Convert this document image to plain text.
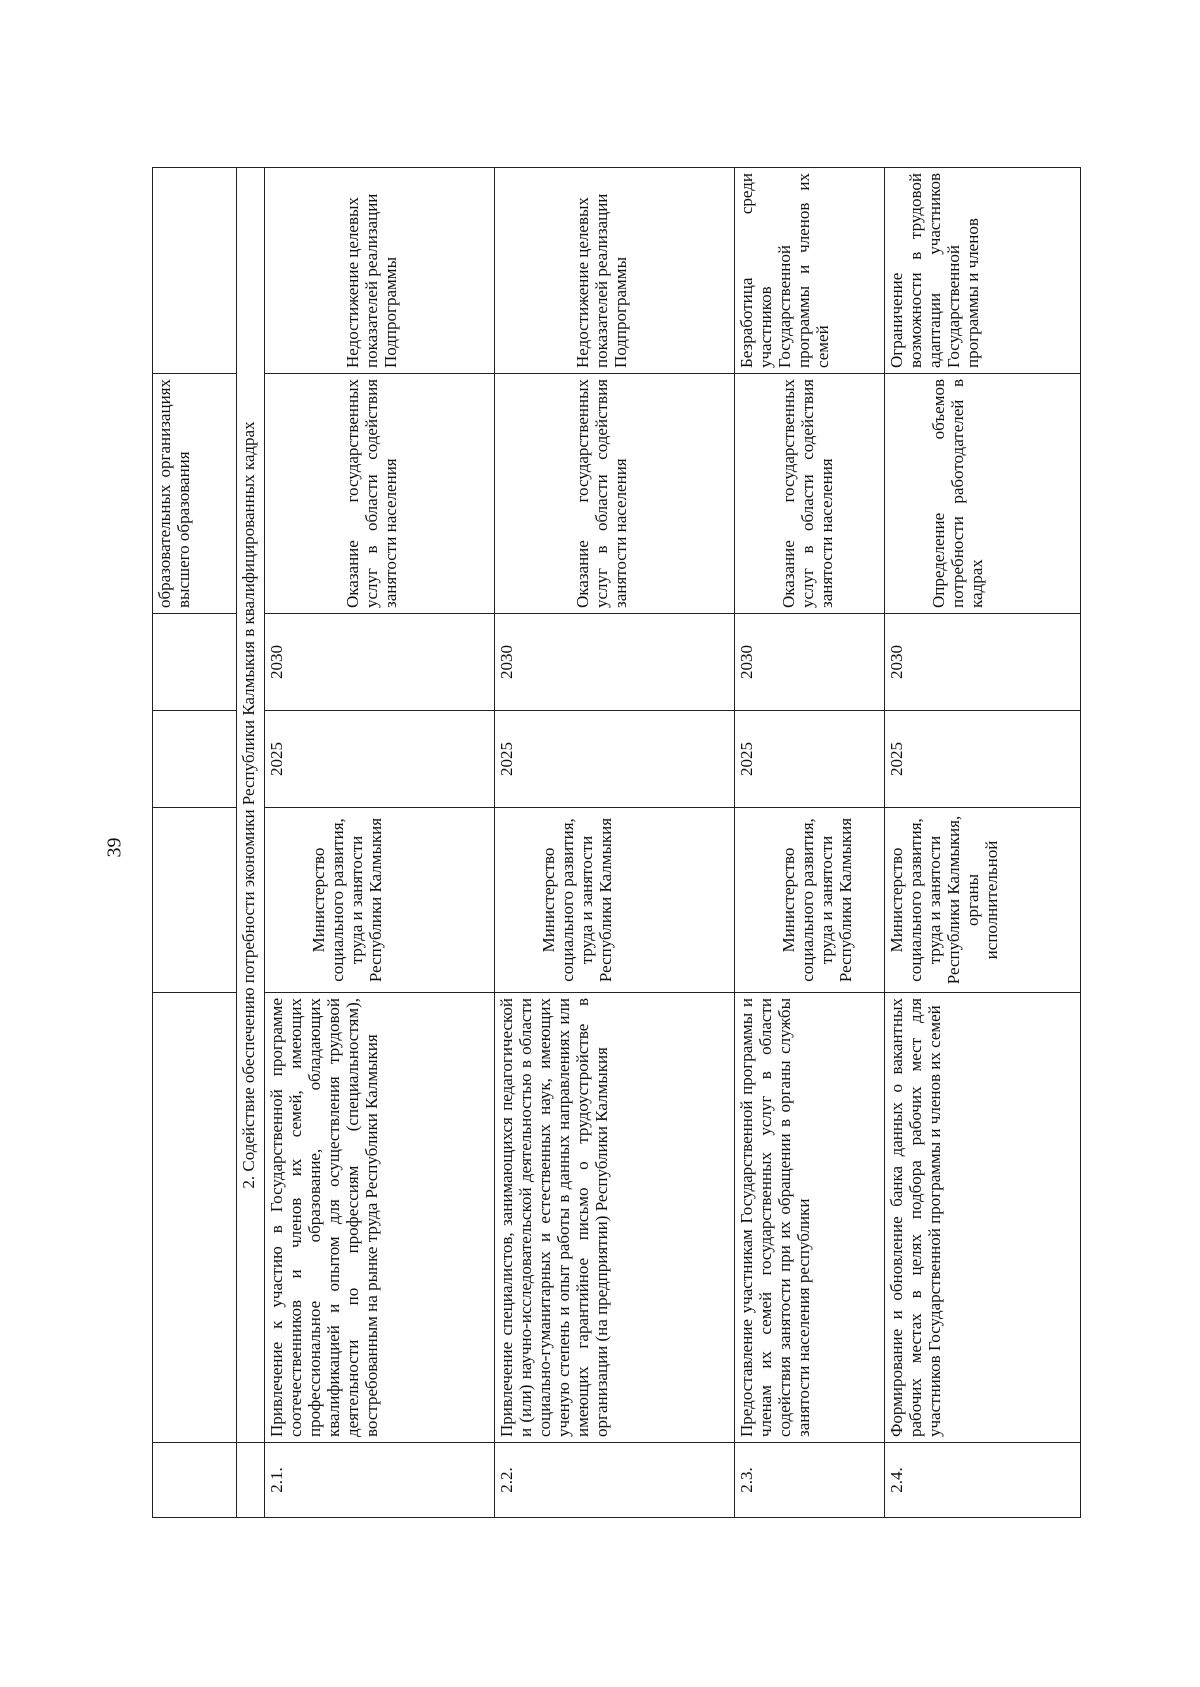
39
					образовательных организациях высшего образования	
	2. Содействие обеспечению потребности экономики Республики Калмыкия в квалифицированных кадрах					
2.1.	Привлечение к участию в Государственной программе соотечественников и членов их семей, имеющих профессиональное образование, обладающих квалификацией и опытом для осуществления трудовой деятельности по профессиям (специальностям), востребованным на рынке труда Республики Калмыкия	Министерство социального развития, труда и занятости Республики Калмыкия	2025	2030	Оказание государственных услуг в области содействия занятости населения	Недостижение целевых показателей реализации Подпрограммы
2.2.	Привлечение специалистов, занимающихся педагогической и (или) научно-исследовательской деятельностью в области социально-гуманитарных и естественных наук, имеющих ученую степень и опыт работы в данных направлениях или имеющих гарантийное письмо о трудоустройстве в организации (на предприятии) Республики Калмыкия	Министерство социального развития, труда и занятости Республики Калмыкия	2025	2030	Оказание государственных услуг в области содействия занятости населения	Недостижение целевых показателей реализации Подпрограммы
2.3.	Предоставление участникам Государственной программы и членам их семей государственных услуг в области содействия занятости при их обращении в органы службы занятости населения республики	Министерство социального развития, труда и занятости Республики Калмыкия	2025	2030	Оказание государственных услуг в области содействия занятости населения	Безработица среди участников Государственной программы и членов их семей
2.4.	Формирование и обновление банка данных о вакантных рабочих местах в целях подбора рабочих мест для участников Государственной программы и членов их семей	Министерство социального развития, труда и занятости Республики Калмыкия, органы исполнительной	2025	2030	Определение объемов потребности работодателей в кадрах	Ограничение возможности в трудовой адаптации участников Государственной программы и членов
